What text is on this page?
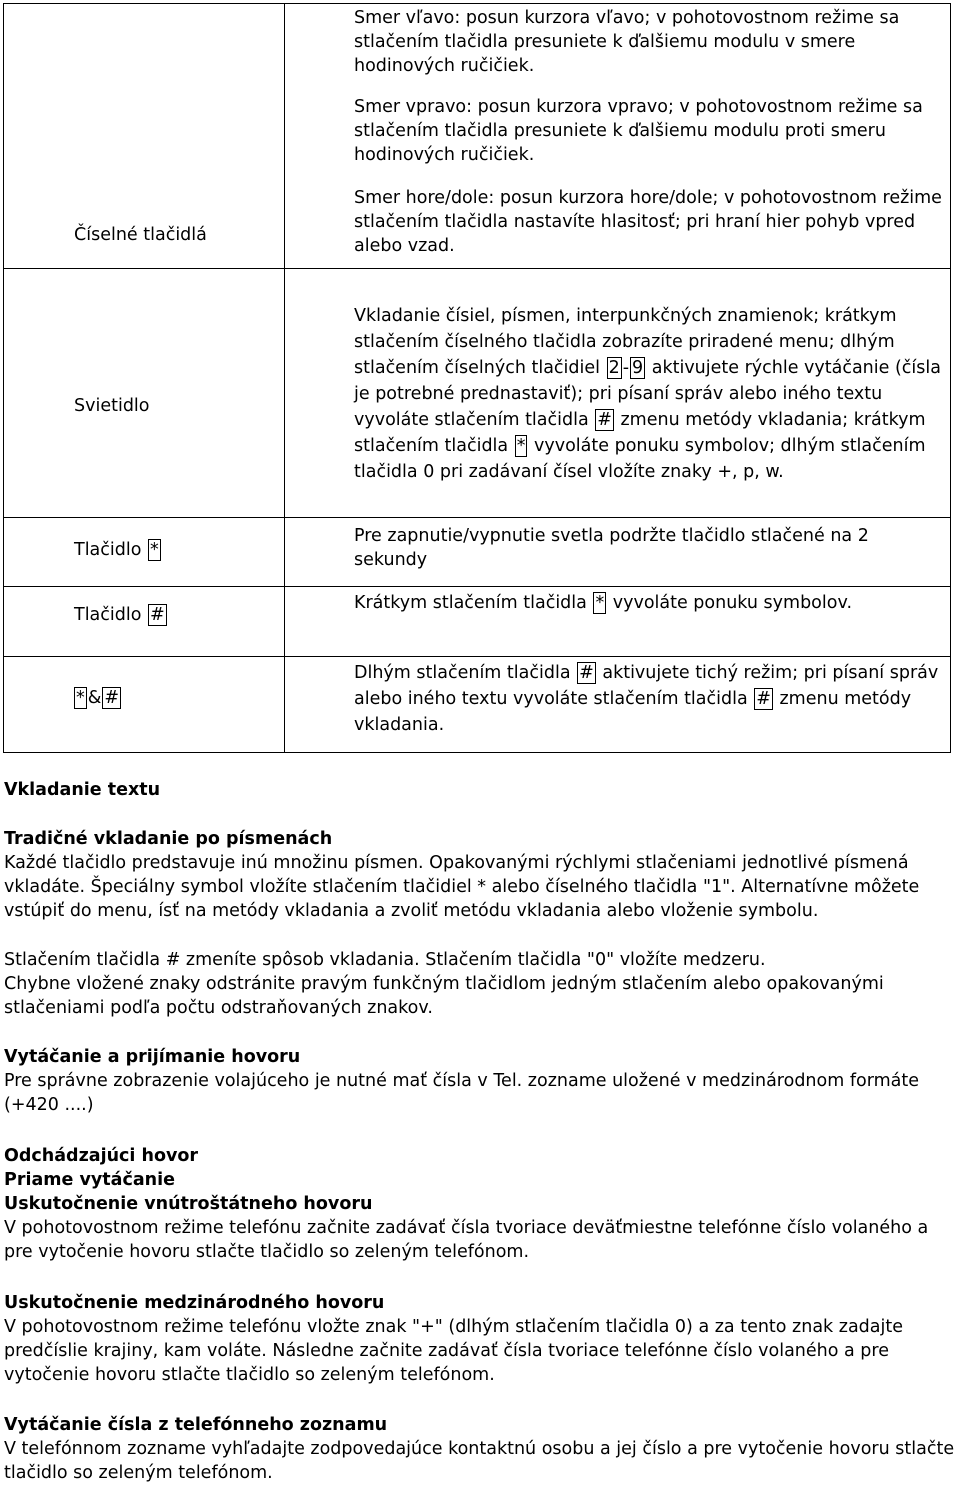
Číselné tlačidlá

Smer vľavo: posun kurzora vľavo; v pohotovostnom režime sa stlačením tlačidla presuniete k ďalšiemu modulu v smere hodinových ručičiek.

Smer vpravo: posun kurzora vpravo; v pohotovostnom režime sa stlačením tlačidla presuniete k ďalšiemu modulu proti smeru hodinových ručičiek.

Smer hore/dole: posun kurzora hore/dole; v pohotovostnom režime stlačením tlačidla nastavíte hlasitosť; pri hraní hier pohyb vpred alebo vzad.

Svietidlo

Vkladanie čísiel, písmen, interpunkčných znamienok; krátkym stlačením číselného tlačidla zobrazíte priradené menu; dlhým stlačením číselných tlačidiel 2 - 9 aktivujete rýchle vytáčanie (čísla je potrebné prednastaviť); pri písaní správ alebo iného textu vyvoláte stlačením tlačidla # zmenu metódy vkladania; krátkym stlačením tlačidla * vyvoláte ponuku symbolov; dlhým stlačením tlačidla 0 pri zadávaní čísel vložíte znaky +, p, w.

Tlačidlo *

Pre zapnutie/vypnutie svetla podržte tlačidlo stlačené na 2 sekundy

Tlačidlo #

Krátkym stlačením tlačidla * vyvoláte ponuku symbolov.

* & #

Dlhým stlačením tlačidla # aktivujete tichý režim; pri písaní správ alebo iného textu vyvoláte stlačením tlačidla # zmenu metódy vkladania.

Vkladanie textu
Tradičné vkladanie po písmenách

Každé tlačidlo predstavuje inú množinu písmen. Opakovanými rýchlymi stlačeniami jednotlivé písmená vkladáte. Špeciálny symbol vložíte stlačením tlačidiel * alebo číselného tlačidla "1". Alternatívne môžete vstúpiť do menu, ísť na metódy vkladania a zvoliť metódu vkladania alebo vloženie symbolu.

Stlačením tlačidla # zmeníte spôsob vkladania. Stlačením tlačidla "0" vložíte medzeru.

Chybne vložené znaky odstránite pravým funkčným tlačidlom jedným stlačením alebo opakovanými stlačeniami podľa počtu odstraňovaných znakov.

Vytáčanie a prijímanie hovoru

Pre správne zobrazenie volajúceho je nutné mať čísla v Tel. zozname uložené v medzinárodnom formáte (+420 ....)

Odchádzajúci hovor
Priame vytáčanie
Uskutočnenie vnútroštátneho hovoru

V pohotovostnom režime telefónu začnite zadávať čísla tvoriace deväťmiestne telefónne číslo volaného a pre vytočenie hovoru stlačte tlačidlo so zeleným telefónom.

Uskutočnenie medzinárodného hovoru

V pohotovostnom režime telefónu vložte znak "+" (dlhým stlačením tlačidla 0) a za tento znak zadajte predčíslie krajiny, kam voláte. Následne začnite zadávať čísla tvoriace telefónne číslo volaného a pre vytočenie hovoru stlačte tlačidlo so zeleným telefónom.

Vytáčanie čísla z telefónneho zoznamu

V telefónnom zozname vyhľadajte zodpovedajúce kontaktnú osobu a jej číslo a pre vytočenie hovoru stlačte tlačidlo so zeleným telefónom.
